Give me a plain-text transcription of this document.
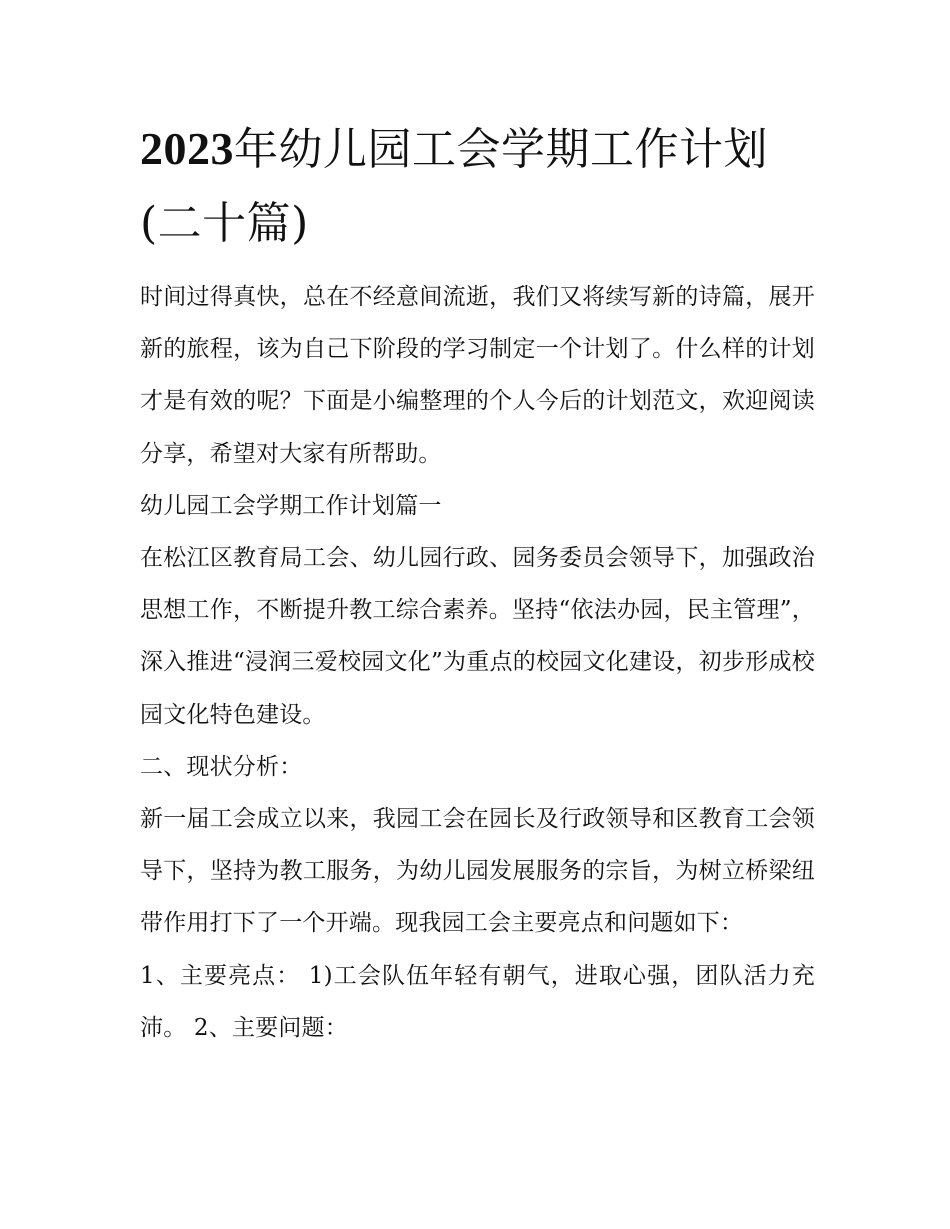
2023年幼儿园工会学期工作计划(二十篇)

时间过得真快，总在不经意间流逝，我们又将续写新的诗篇，展开新的旅程，该为自己下阶段的学习制定一个计划了。什么样的计划才是有效的呢？下面是小编整理的个人今后的计划范文，欢迎阅读分享，希望对大家有所帮助。

幼儿园工会学期工作计划篇一

在松江区教育局工会、幼儿园行政、园务委员会领导下，加强政治思想工作，不断提升教工综合素养。坚持“依法办园，民主管理”，深入推进“浸润三爱校园文化”为重点的校园文化建设，初步形成校园文化特色建设。

二、现状分析：

新一届工会成立以来，我园工会在园长及行政领导和区教育工会领导下，坚持为教工服务，为幼儿园发展服务的宗旨，为树立桥梁纽带作用打下了一个开端。现我园工会主要亮点和问题如下：

1、主要亮点： 1)工会队伍年轻有朝气，进取心强，团队活力充沛。 2、主要问题：
